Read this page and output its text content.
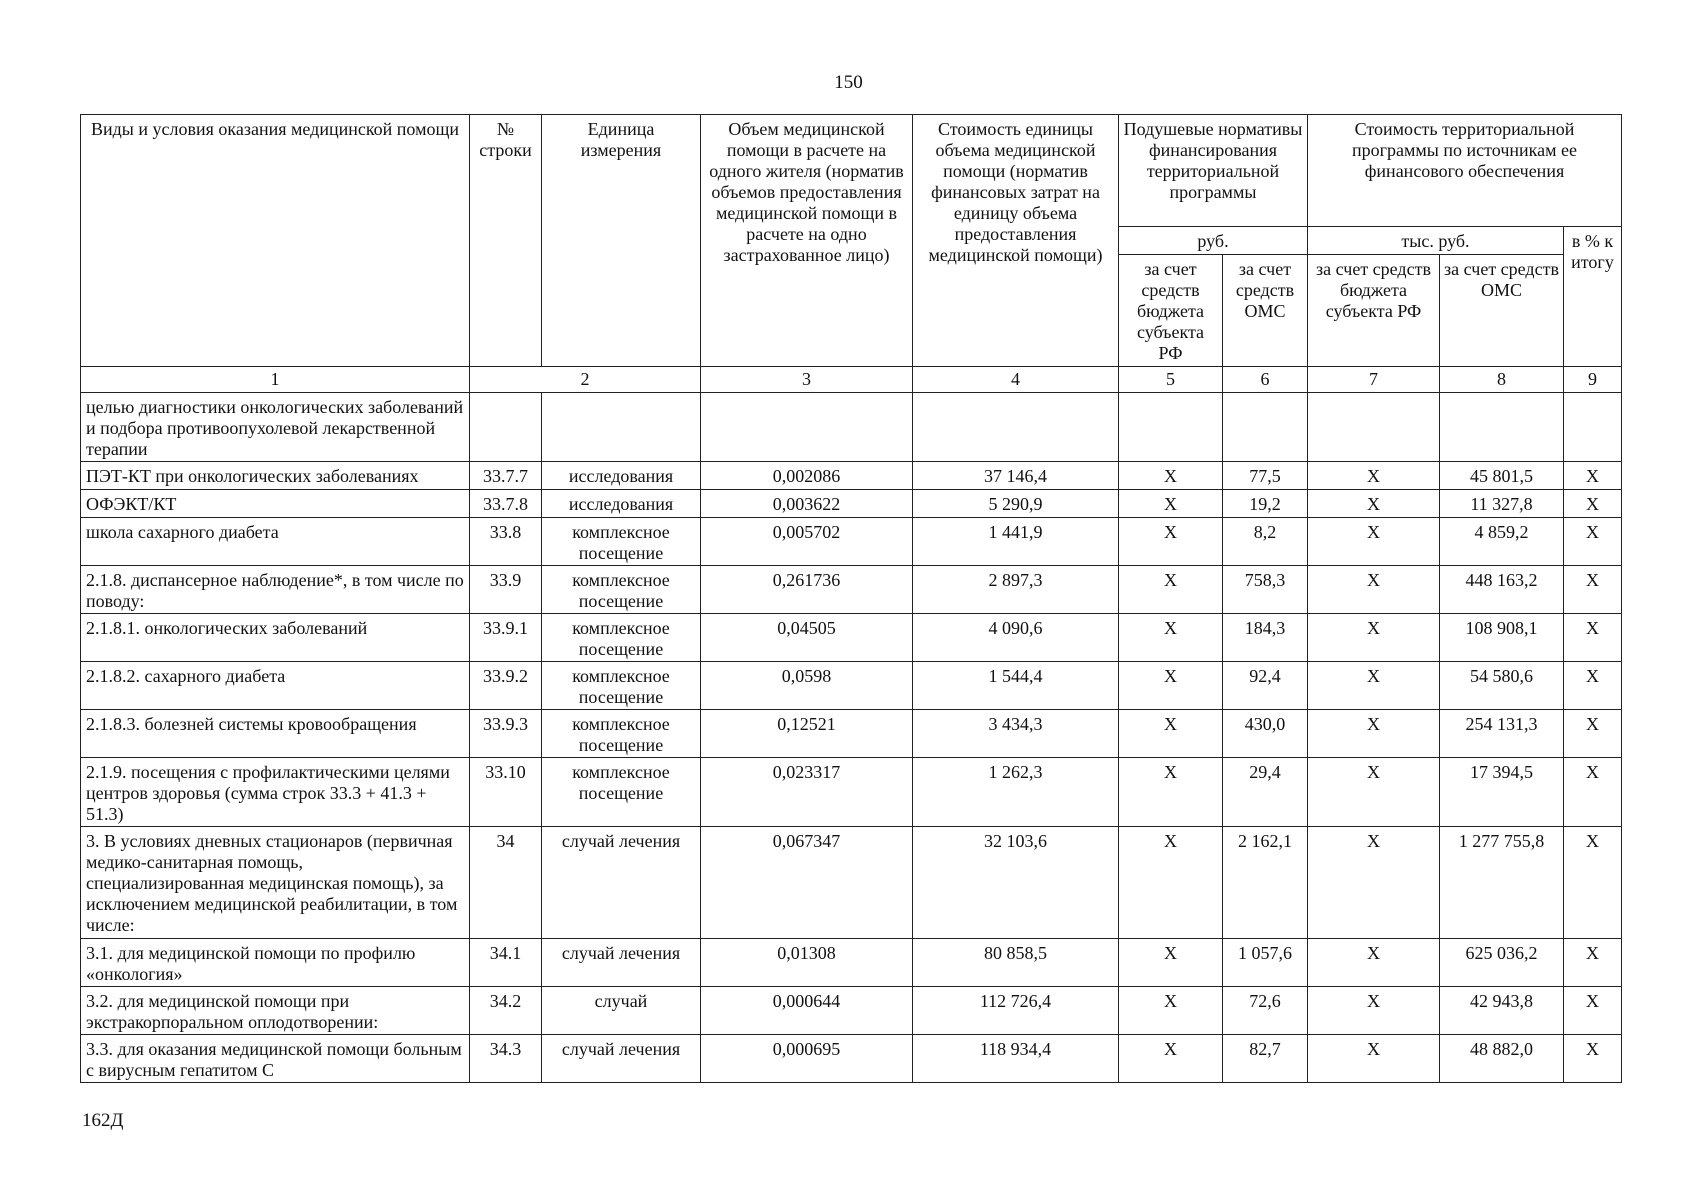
150
Виды и условия оказания медицинской помощи	№ строки	Единица измерения	Объем медицинской помощи в расчете на одного жителя (норматив объемов предоставления медицинской помощи в расчете на одно застрахованное лицо)	Стоимость единицы объема медицинской помощи (норматив финансовых затрат на единицу объема предоставления медицинской помощи)	Подушевые нормативы финансирования территориальной программы		Стоимость территориальной программы по источникам ее финансового обеспечения		
					руб.		тыс. руб.		в % к итогу
					за счет средств бюджета субъекта РФ	за счет средств ОМС	за счет средств бюджета субъекта РФ	за счет средств ОМС	
1	2		3	4	5	6	7	8	9
целью диагностики онкологических заболеваний и подбора противоопухолевой лекарственной терапии									
ПЭТ-КТ при онкологических заболеваниях	33.7.7	исследования	0,002086	37 146,4	X	77,5	X	45 801,5	X
ОФЭКТ/КТ	33.7.8	исследования	0,003622	5 290,9	X	19,2	X	11 327,8	X
школа сахарного диабета	33.8	комплексное посещение	0,005702	1 441,9	X	8,2	X	4 859,2	X
2.1.8. диспансерное наблюдение*, в том числе по поводу:	33.9	комплексное посещение	0,261736	2 897,3	X	758,3	X	448 163,2	X
2.1.8.1. онкологических заболеваний	33.9.1	комплексное посещение	0,04505	4 090,6	X	184,3	X	108 908,1	X
2.1.8.2. сахарного диабета	33.9.2	комплексное посещение	0,0598	1 544,4	X	92,4	X	54 580,6	X
2.1.8.3. болезней системы кровообращения	33.9.3	комплексное посещение	0,12521	3 434,3	X	430,0	X	254 131,3	X
2.1.9. посещения с профилактическими целями центров здоровья (сумма строк 33.3 + 41.3 + 51.3)	33.10	комплексное посещение	0,023317	1 262,3	X	29,4	X	17 394,5	X
3. В условиях дневных стационаров (первичная медико-санитарная помощь, специализированная медицинская помощь), за исключением медицинской реабилитации, в том числе:	34	случай лечения	0,067347	32 103,6	X	2 162,1	X	1 277 755,8	X
3.1. для медицинской помощи по профилю «онкология»	34.1	случай лечения	0,01308	80 858,5	X	1 057,6	X	625 036,2	X
3.2. для медицинской помощи при экстракорпоральном оплодотворении:	34.2	случай	0,000644	112 726,4	X	72,6	X	42 943,8	X
3.3. для оказания медицинской помощи больным с вирусным гепатитом С	34.3	случай лечения	0,000695	118 934,4	X	82,7	X	48 882,0	X
162Д
